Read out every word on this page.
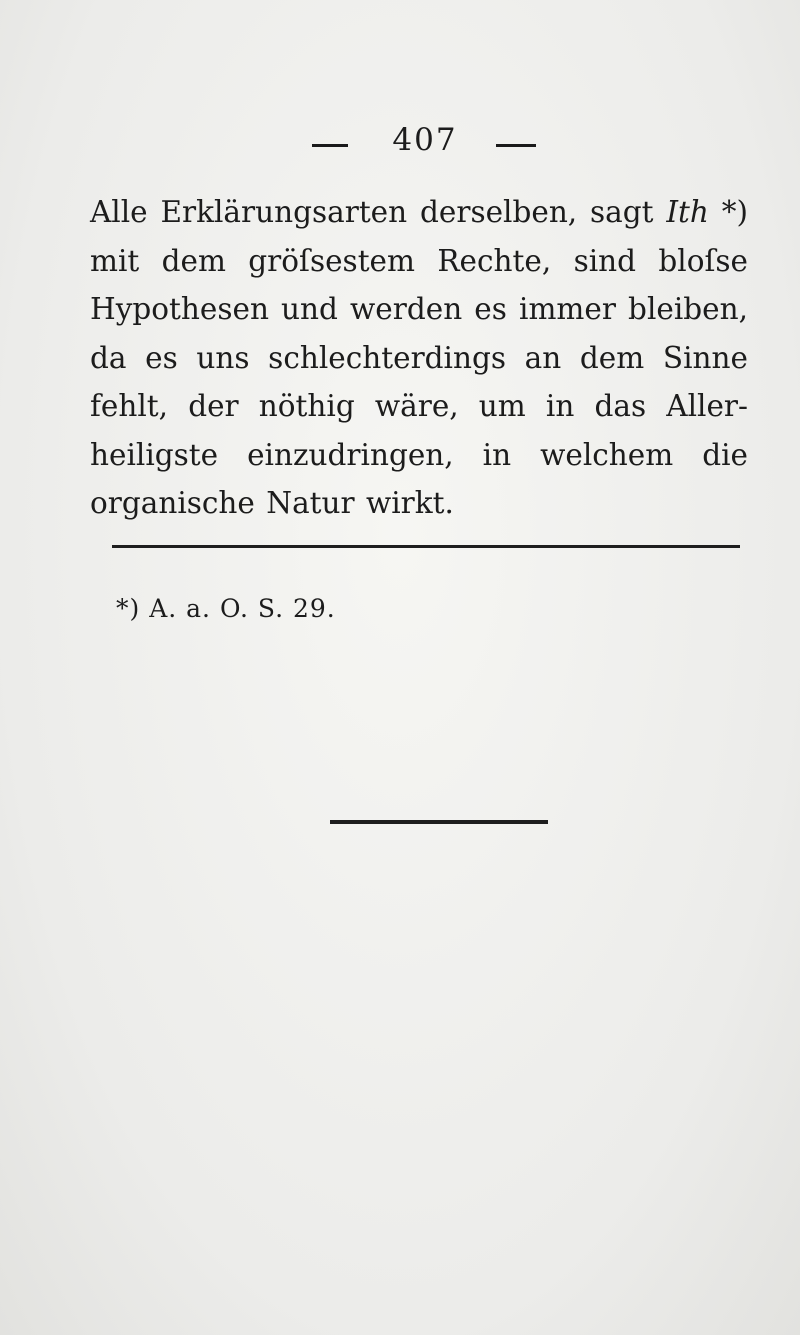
407
Alle Erklärungsarten derselben, sagt Ith *)
mit dem gröſsestem Rechte, sind bloſse
Hypothesen und werden es immer bleiben,
da es uns schlechterdings an dem Sinne
fehlt, der nöthig wäre, um in das Aller-
heiligste einzudringen, in welchem die
organische Natur wirkt.
*) A. a. O. S. 29.
